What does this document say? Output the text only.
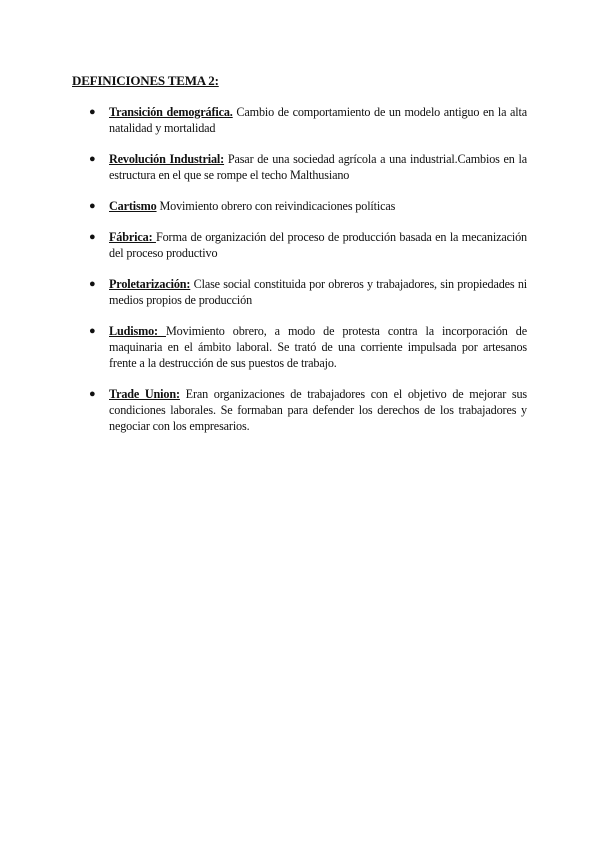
DEFINICIONES TEMA 2:
● Transición demográfica. Cambio de comportamiento de un modelo antiguo en la alta natalidad y mortalidad
● Revolución Industrial: Pasar de una sociedad agrícola a una industrial.Cambios en la estructura en el que se rompe el techo Malthusiano
● Cartismo Movimiento obrero con reivindicaciones políticas
● Fábrica: Forma de organización del proceso de producción basada en la mecanización del proceso productivo
● Proletarización: Clase social constituida por obreros y trabajadores, sin propiedades ni medios propios de producción
● Ludismo: Movimiento obrero, a modo de protesta contra la incorporación de maquinaria en el ámbito laboral. Se trató de una corriente impulsada por artesanos frente a la destrucción de sus puestos de trabajo.
● Trade Union: Eran organizaciones de trabajadores con el objetivo de mejorar sus condiciones laborales. Se formaban para defender los derechos de los trabajadores y negociar con los empresarios.
